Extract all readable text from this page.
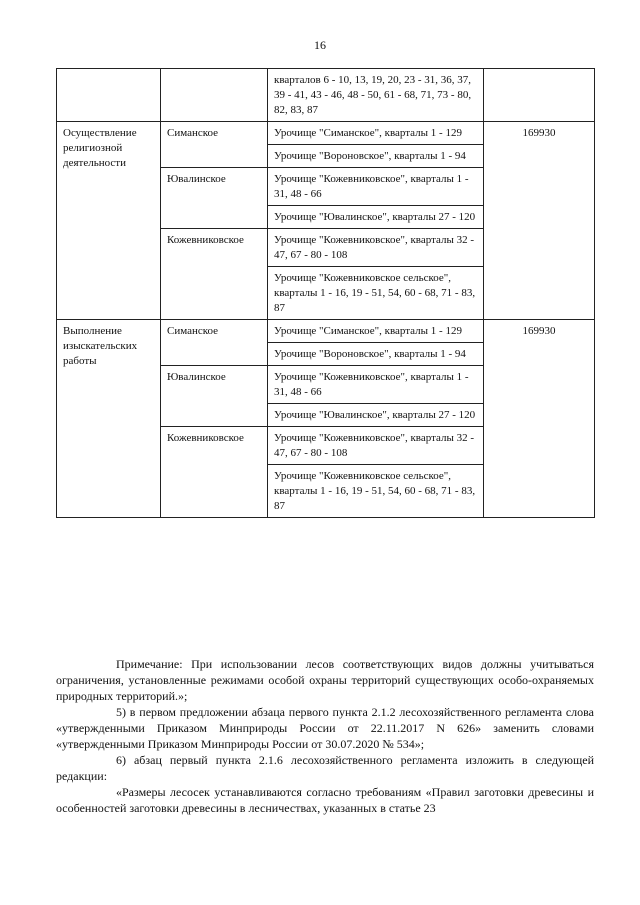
16
		кварталов 6 - 10, 13, 19, 20, 23 - 31, 36, 37, 39 - 41, 43 - 46, 48 - 50, 61 - 68, 71, 73 - 80, 82, 83, 87	
Осуществление религиозной деятельности	Симанское	Урочище "Симанское", кварталы 1 - 129	169930
		Урочище "Вороновское", кварталы 1 - 94	
	Ювалинское	Урочище "Кожевниковское", кварталы 1 - 31, 48 - 66	
		Урочище "Ювалинское", кварталы 27 - 120	
	Кожевниковское	Урочище "Кожевниковское", кварталы 32 - 47, 67 - 80 - 108	
		Урочище "Кожевниковское сельское", кварталы 1 - 16, 19 - 51, 54, 60 - 68, 71 - 83, 87	
Выполнение изыскательских работы	Симанское	Урочище "Симанское", кварталы 1 - 129	169930
		Урочище "Вороновское", кварталы 1 - 94	
	Ювалинское	Урочище "Кожевниковское", кварталы 1 - 31, 48 - 66	
		Урочище "Ювалинское", кварталы 27 - 120	
	Кожевниковское	Урочище "Кожевниковское", кварталы 32 - 47, 67 - 80 - 108	
		Урочище "Кожевниковское сельское", кварталы 1 - 16, 19 - 51, 54, 60 - 68, 71 - 83, 87	

Примечание: При использовании лесов соответствующих видов должны учитываться ограничения, установленные режимами особой охраны территорий существующих особо-охраняемых природных территорий.»;

5) в первом предложении абзаца первого пункта 2.1.2 лесохозяйственного регламента слова «утвержденными Приказом Минприроды России от 22.11.2017 N 626» заменить словами «утвержденными Приказом Минприроды России от 30.07.2020 № 534»;

6) абзац первый пункта 2.1.6 лесохозяйственного регламента изложить в следующей редакции:

«Размеры лесосек устанавливаются согласно требованиям «Правил заготовки древесины и особенностей заготовки древесины в лесничествах, указанных в статье 23
